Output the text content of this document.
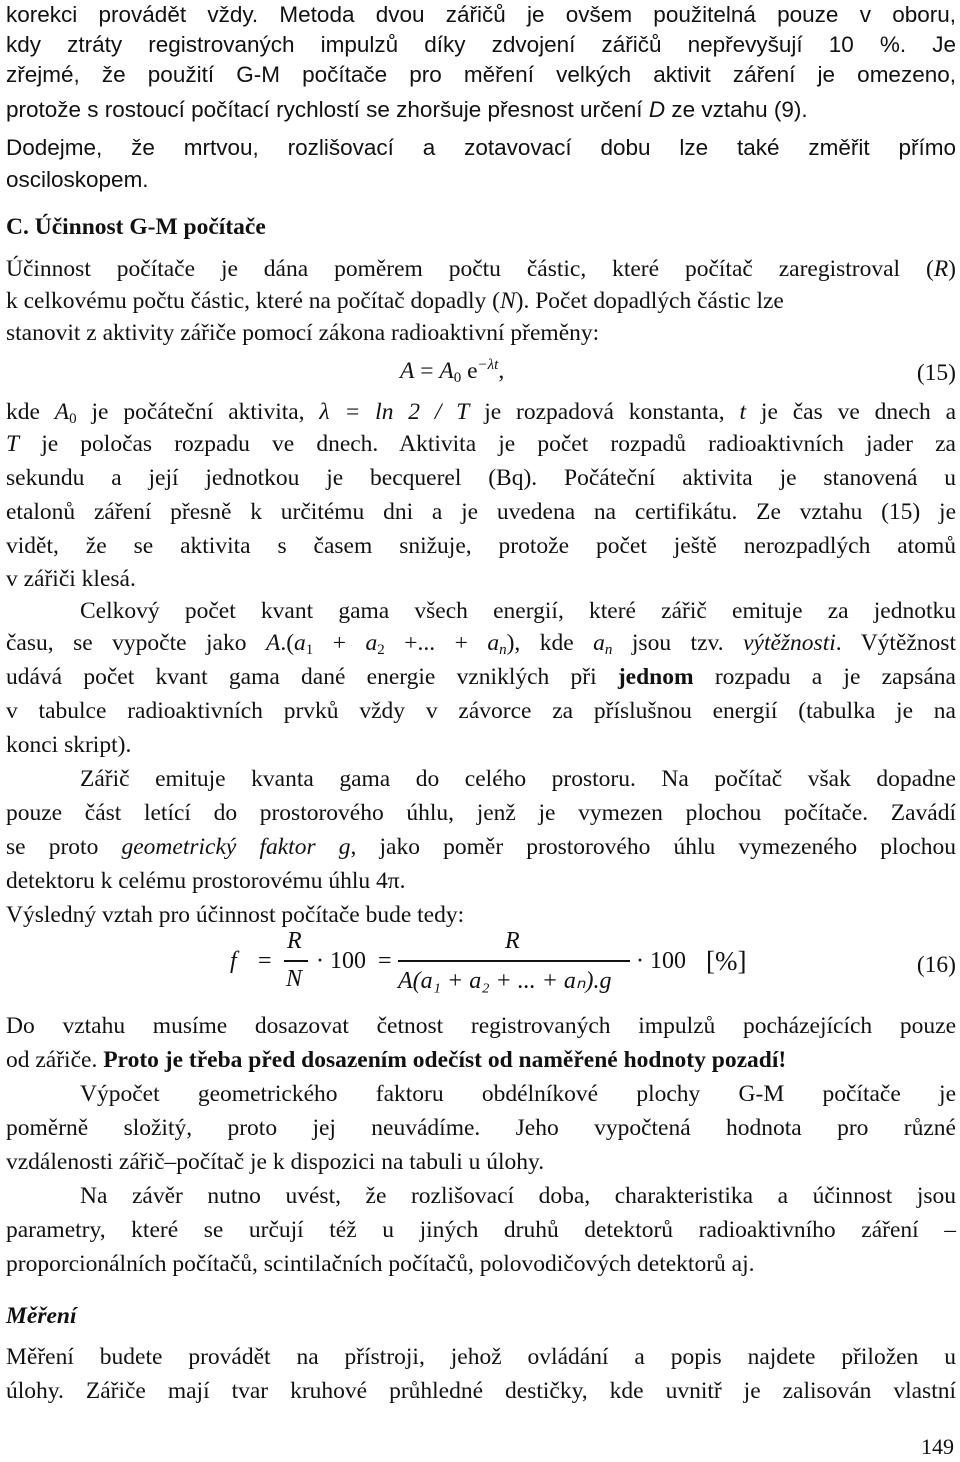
korekci provádět vždy. Metoda dvou zářičů je ovšem použitelná pouze v oboru,
kdy ztráty registrovaných impulzů díky zdvojení zářičů nepřevyšují 10 %. Je
zřejmé, že použití G-M počítače pro měření velkých aktivit záření je omezeno,
protože s rostoucí počítací rychlostí se zhoršuje přesnost určení D ze vztahu (9).
Dodejme, že mrtvou, rozlišovací a zotavovací dobu lze také změřit přímo
osciloskopem.
C. Účinnost G-M počítače
Účinnost počítače je dána poměrem počtu částic, které počítač zaregistroval (R)
k celkovému počtu částic, které na počítač dopadly (N). Počet dopadlých částic lze
stanovit z aktivity zářiče pomocí zákona radioaktivní přeměny:
$A = A_0$ $e^{-\lambda t}$,	(15)
kde $A_0$ je počáteční aktivita, λ = ln 2 / T je rozpadová konstanta, t je čas ve dnech a
T je poločas rozpadu ve dnech. Aktivita je počet rozpadů radioaktivních jader za
sekundu a její jednotkou je becquerel (Bq). Počáteční aktivita je stanovená u
etalonů záření přesně k určitému dni a je uvedena na certifikátu. Ze vztahu (15) je
vidět, že se aktivita s časem snižuje, protože počet ještě nerozpadlých atomů
v zářiči klesá.
Celkový počet kvant gama všech energií, které zářič emituje za jednotku
času, se vypočte jako $A.(a_1 + a_2$ +... + $a_n$), kde $a_n$ jsou tzv. výtěžnosti. Výtěžnost
udává počet kvant gama dané energie vzniklých při jednom rozpadu a je zapsána
v tabulce radioaktivních prvků vždy v závorce za příslušnou energií (tabulka je na
konci skript).
Zářič emituje kvanta gama do celého prostoru. Na počítač však dopadne
pouze část letící do prostorového úhlu, jenž je vymezen plochou počítače. Zavádí
se proto geometrický faktor g, jako poměr prostorového úhlu vymezeného plochou
detektoru k celému prostorovému úhlu 4π.
Výsledný vztah pro účinnost počítače bude tedy:
f =
R
N
· 100 =
R
A(a₁ + a₂ + ... + aₙ).g
· 100 [%]	(16)
Do vztahu musíme dosazovat četnost registrovaných impulzů pocházejících pouze
od zářiče. Proto je třeba před dosazením odečíst od naměřené hodnoty pozadí!
Výpočet geometrického faktoru obdélníkové plochy G-M počítače je
poměrně složitý, proto jej neuvádíme. Jeho vypočtená hodnota pro různé
vzdálenosti zářič–počítač je k dispozici na tabuli u úlohy.
Na závěr nutno uvést, že rozlišovací doba, charakteristika a účinnost jsou
parametry, které se určují též u jiných druhů detektorů radioaktivního záření –
proporcionálních počítačů, scintilačních počítačů, polovodičových detektorů aj.
Měření
Měření budete provádět na přístroji, jehož ovládání a popis najdete přiložen u
úlohy. Zářiče mají tvar kruhové průhledné destičky, kde uvnitř je zalisován vlastní
149
